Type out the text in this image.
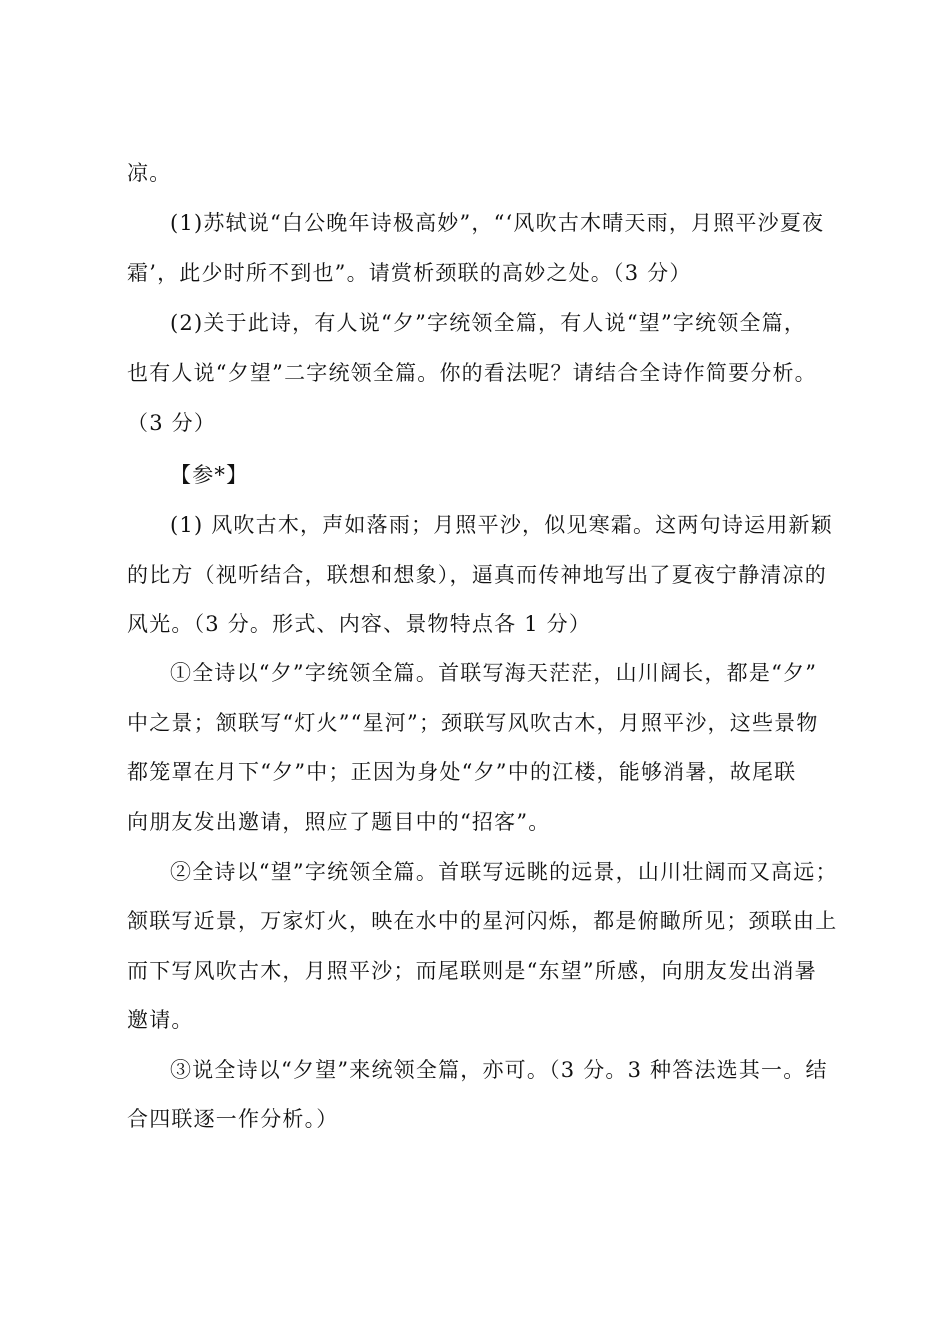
凉。
(1)苏轼说“白公晚年诗极高妙”，“‘风吹古木晴天雨，月照平沙夏夜
霜’，此少时所不到也”。请赏析颈联的高妙之处。（3 分）
(2)关于此诗，有人说“夕”字统领全篇，有人说“望”字统领全篇，
也有人说“夕望”二字统领全篇。你的看法呢？请结合全诗作简要分析。
（3 分）
【参*】
(1) 风吹古木，声如落雨；月照平沙，似见寒霜。这两句诗运用新颖
的比方（视听结合，联想和想象），逼真而传神地写出了夏夜宁静清凉的
风光。（3 分。形式、内容、景物特点各 1 分）
①全诗以“夕”字统领全篇。首联写海天茫茫，山川阔长，都是“夕”
中之景；颔联写“灯火”“星河”；颈联写风吹古木，月照平沙，这些景物
都笼罩在月下“夕”中；正因为身处“夕”中的江楼，能够消暑，故尾联
向朋友发出邀请，照应了题目中的“招客”。
②全诗以“望”字统领全篇。首联写远眺的远景，山川壮阔而又高远；
颔联写近景，万家灯火，映在水中的星河闪烁，都是俯瞰所见；颈联由上
而下写风吹古木，月照平沙；而尾联则是“东望”所感，向朋友发出消暑
邀请。
③说全诗以“夕望”来统领全篇，亦可。（3 分。3 种答法选其一。结
合四联逐一作分析。）
